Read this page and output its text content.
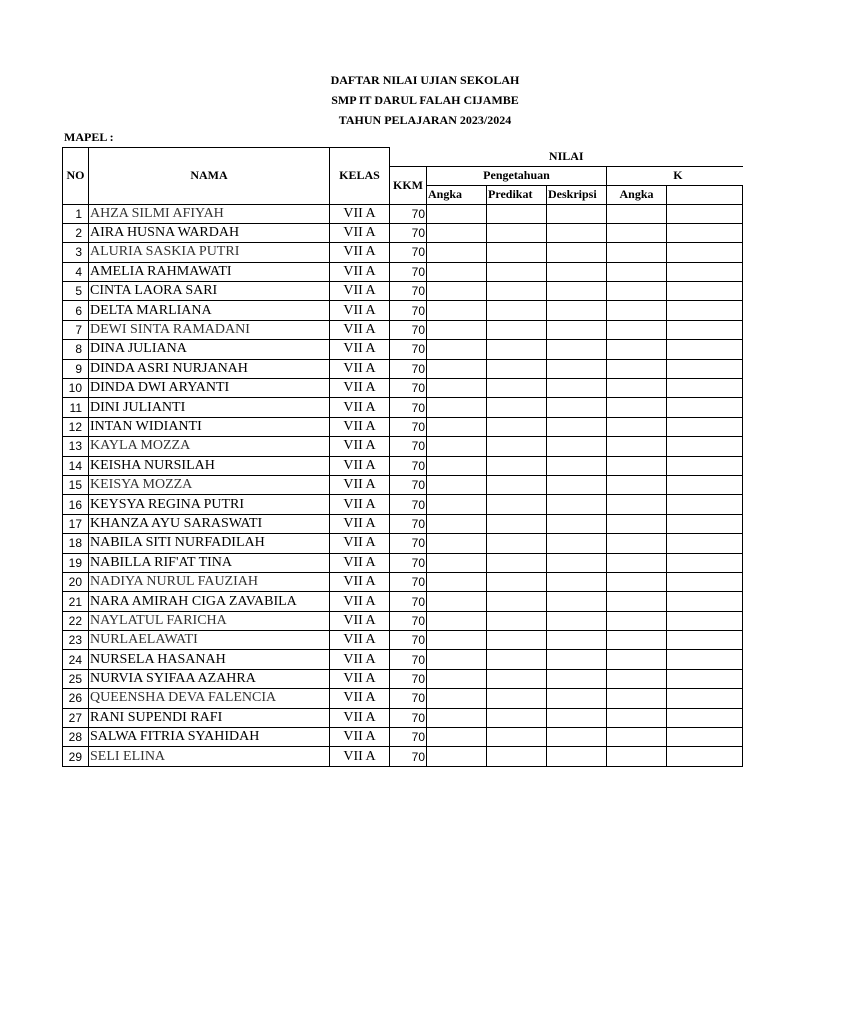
DAFTAR NILAI UJIAN SEKOLAH
SMP IT DARUL FALAH CIJAMBE
TAHUN PELAJARAN 2023/2024
MAPEL :
NO	NAMA	KELAS	NILAI					
			KKM	Pengetahuan			K	
				Angka	Predikat	Deskripsi	Angka	
1	AHZA SILMI AFIYAH	VII A	70					
2	AIRA HUSNA WARDAH	VII A	70					
3	ALURIA SASKIA PUTRI	VII A	70					
4	AMELIA RAHMAWATI	VII A	70					
5	CINTA LAORA SARI	VII A	70					
6	DELTA MARLIANA	VII A	70					
7	DEWI SINTA RAMADANI	VII A	70					
8	DINA JULIANA	VII A	70					
9	DINDA ASRI NURJANAH	VII A	70					
10	DINDA DWI ARYANTI	VII A	70					
11	DINI JULIANTI	VII A	70					
12	INTAN WIDIANTI	VII A	70					
13	KAYLA MOZZA	VII A	70					
14	KEISHA NURSILAH	VII A	70					
15	KEISYA MOZZA	VII A	70					
16	KEYSYA REGINA PUTRI	VII A	70					
17	KHANZA AYU SARASWATI	VII A	70					
18	NABILA SITI NURFADILAH	VII A	70					
19	NABILLA RIF'AT TINA	VII A	70					
20	NADIYA NURUL FAUZIAH	VII A	70					
21	NARA AMIRAH CIGA ZAVABILA	VII A	70					
22	NAYLATUL FARICHA	VII A	70					
23	NURLAELAWATI	VII A	70					
24	NURSELA HASANAH	VII A	70					
25	NURVIA SYIFAA AZAHRA	VII A	70					
26	QUEENSHA DEVA FALENCIA	VII A	70					
27	RANI SUPENDI RAFI	VII A	70					
28	SALWA FITRIA SYAHIDAH	VII A	70					
29	SELI ELINA	VII A	70					
